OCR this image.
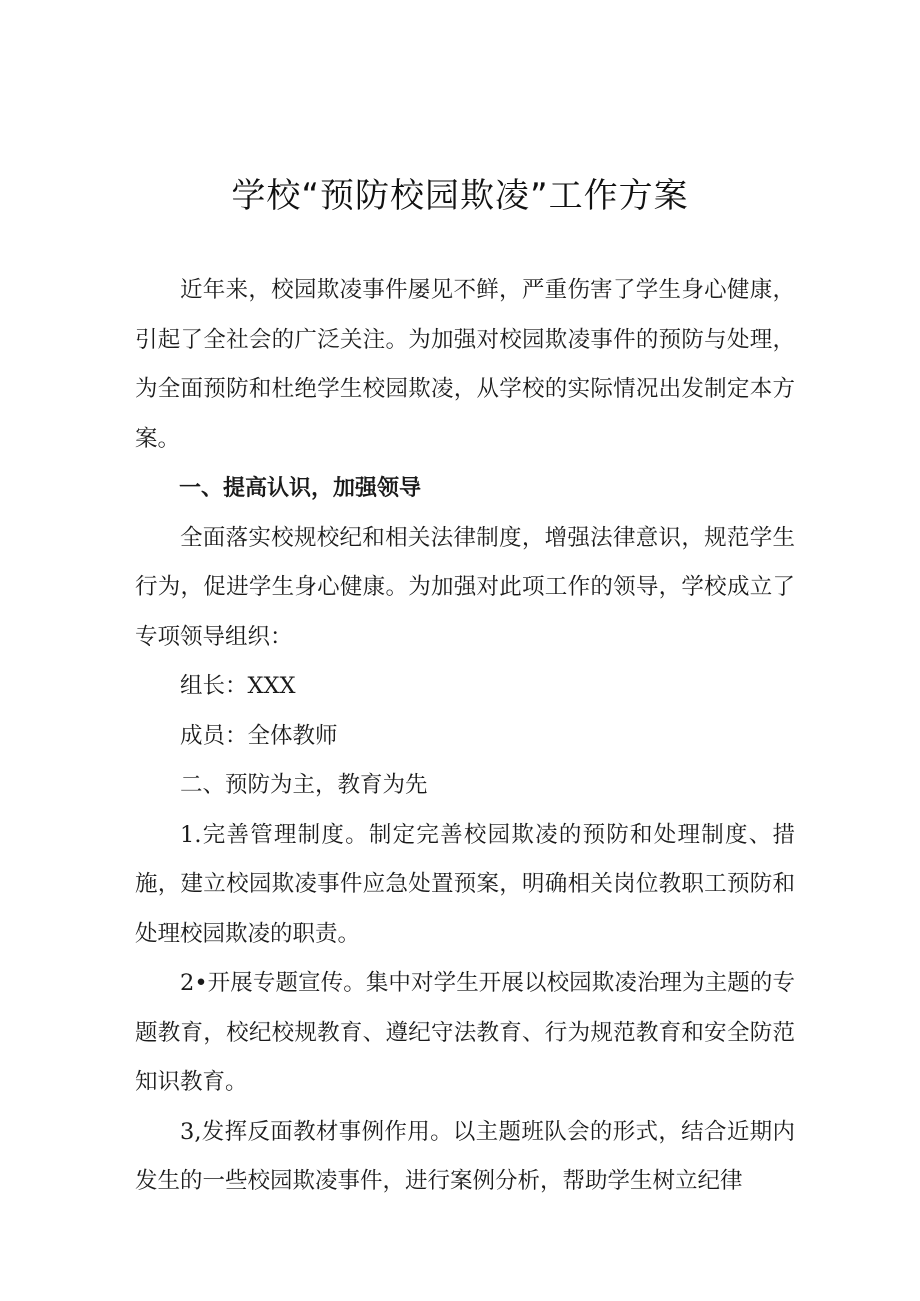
学校“预防校园欺凌”工作方案

近年来，校园欺凌事件屡见不鲜，严重伤害了学生身心健康，引起了全社会的广泛关注。为加强对校园欺凌事件的预防与处理，为全面预防和杜绝学生校园欺凌，从学校的实际情况出发制定本方案。

一、提高认识，加强领导

全面落实校规校纪和相关法律制度，增强法律意识，规范学生行为，促进学生身心健康。为加强对此项工作的领导，学校成立了专项领导组织：

组长：XXX

成员：全体教师

二、预防为主，教育为先

1.完善管理制度。制定完善校园欺凌的预防和处理制度、措施，建立校园欺凌事件应急处置预案，明确相关岗位教职工预防和处理校园欺凌的职责。

2•开展专题宣传。集中对学生开展以校园欺凌治理为主题的专题教育，校纪校规教育、遵纪守法教育、行为规范教育和安全防范知识教育。

3,发挥反面教材事例作用。以主题班队会的形式，结合近期内发生的一些校园欺凌事件，进行案例分析，帮助学生树立纪律
